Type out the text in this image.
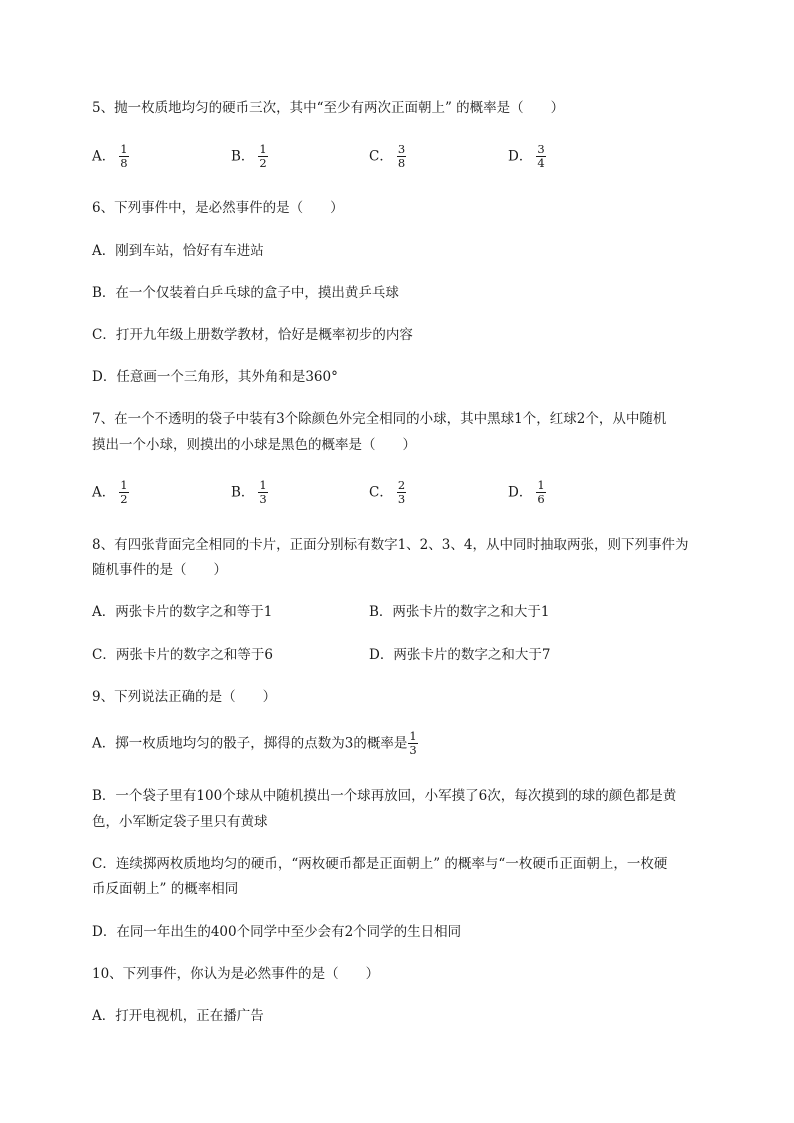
5、抛一枚质地均匀的硬币三次，其中“至少有两次正面朝上” 的概率是（　　）
A． $\frac{1}{8}$	B． $\frac{1}{2}$	C． $\frac{3}{8}$	D． $\frac{3}{4}$
6、下列事件中，是必然事件的是（　　）
A．刚到车站，恰好有车进站
B．在一个仅装着白乒乓球的盒子中，摸出黄乒乓球
C．打开九年级上册数学教材，恰好是概率初步的内容
D．任意画一个三角形，其外角和是360°
7、在一个不透明的袋子中装有3个除颜色外完全相同的小球，其中黑球1个，红球2个，从中随机
摸出一个小球，则摸出的小球是黑色的概率是（　　）
A． $\frac{1}{2}$	B． $\frac{1}{3}$	C． $\frac{2}{3}$	D． $\frac{1}{6}$
8、有四张背面完全相同的卡片，正面分别标有数字1、2、3、4，从中同时抽取两张，则下列事件为
随机事件的是（　　）
A．两张卡片的数字之和等于1	B．两张卡片的数字之和大于1
C．两张卡片的数字之和等于6	D．两张卡片的数字之和大于7
9、下列说法正确的是（　　）
A．掷一枚质地均匀的骰子，掷得的点数为3的概率是 $\frac{1}{3}$
B．一个袋子里有100个球从中随机摸出一个球再放回，小军摸了6次，每次摸到的球的颜色都是黄
色，小军断定袋子里只有黄球
C．连续掷两枚质地均匀的硬币，“两枚硬币都是正面朝上” 的概率与“一枚硬币正面朝上，一枚硬
币反面朝上” 的概率相同
D．在同一年出生的400个同学中至少会有2个同学的生日相同
10、下列事件，你认为是必然事件的是（　　）
A．打开电视机，正在播广告
